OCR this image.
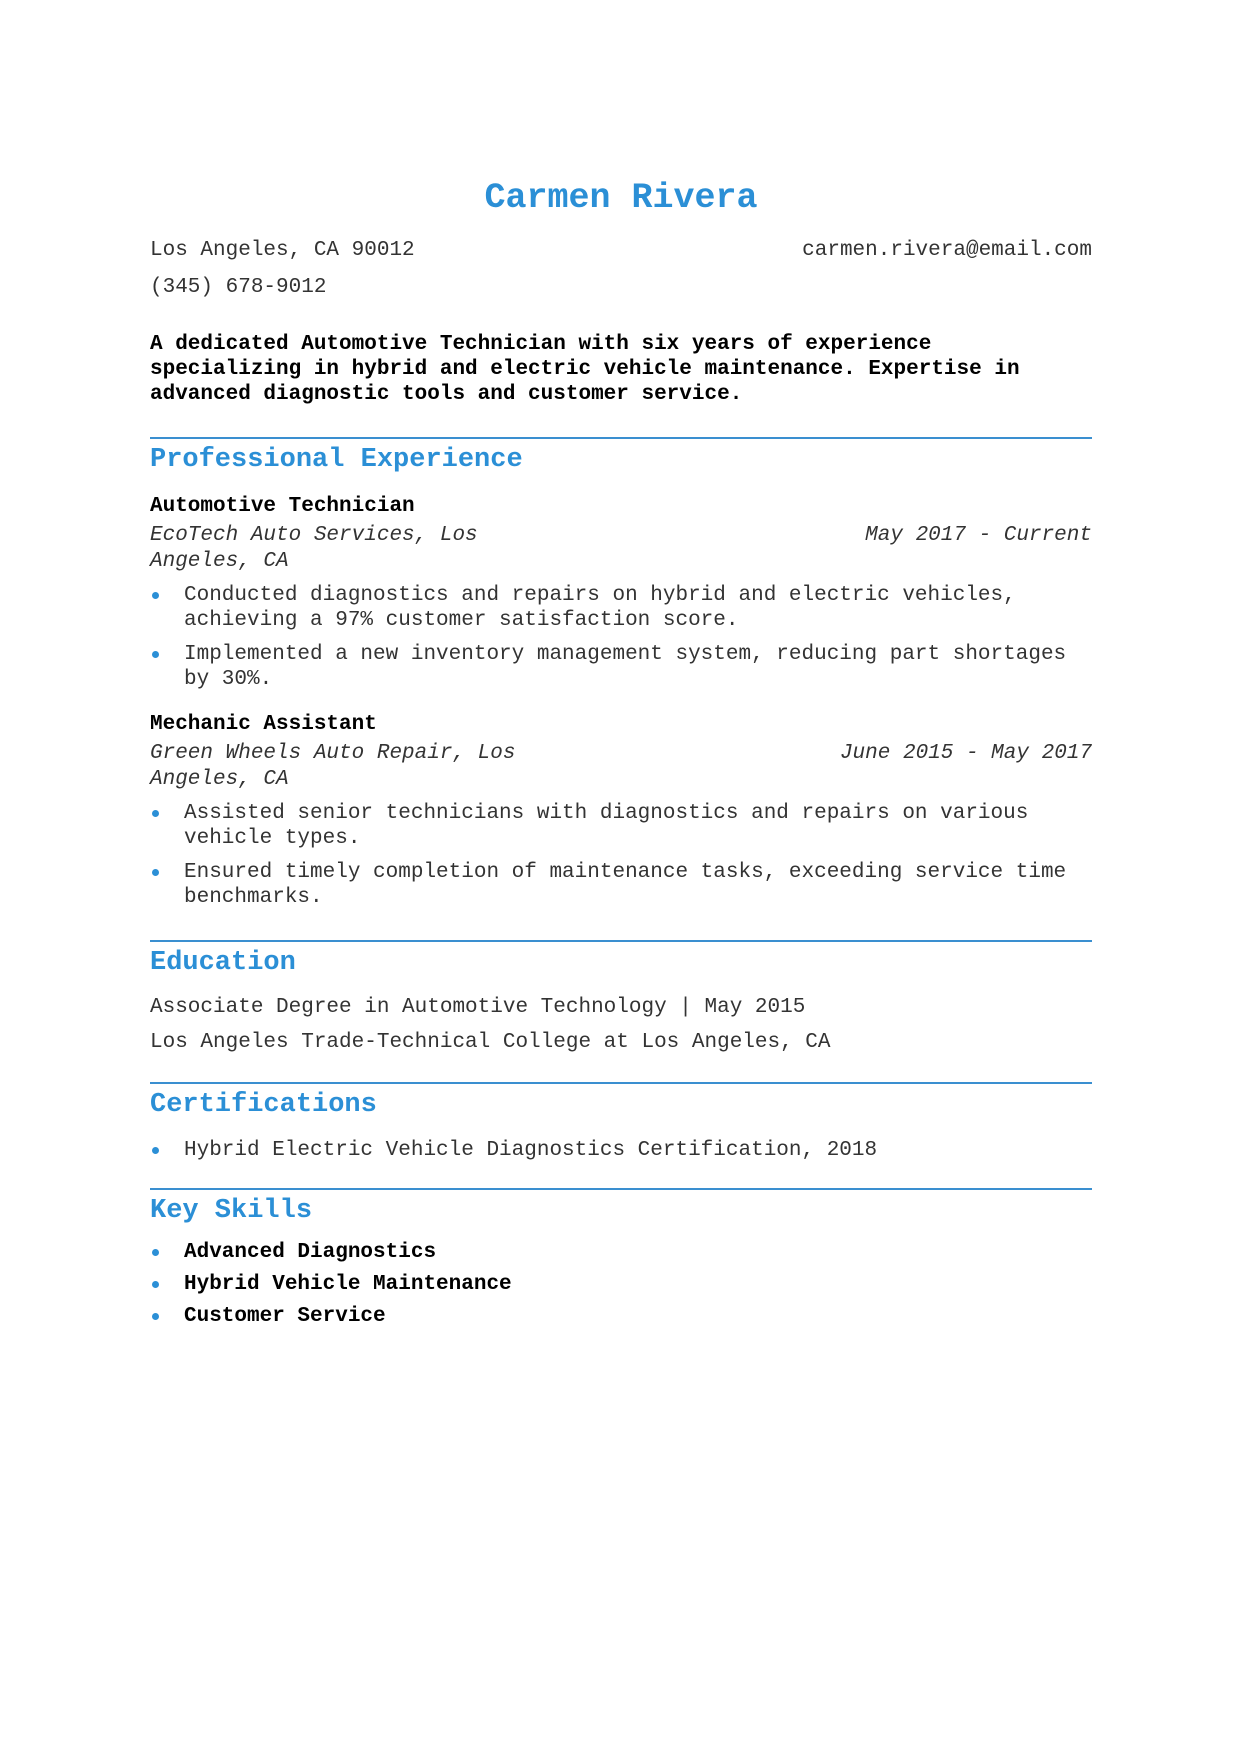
Carmen Rivera
Los Angeles, CA 90012	carmen.rivera@email.com
(345) 678-9012
A dedicated Automotive Technician with six years of experience specializing in hybrid and electric vehicle maintenance. Expertise in advanced diagnostic tools and customer service.
Professional Experience
Automotive Technician
EcoTech Auto Services, Los Angeles, CA
May 2017 - Current
Conducted diagnostics and repairs on hybrid and electric vehicles, achieving a 97% customer satisfaction score.
Implemented a new inventory management system, reducing part shortages by 30%.
Mechanic Assistant
Green Wheels Auto Repair, Los Angeles, CA
June 2015 - May 2017
Assisted senior technicians with diagnostics and repairs on various vehicle types.
Ensured timely completion of maintenance tasks, exceeding service time benchmarks.
Education
Associate Degree in Automotive Technology | May 2015
Los Angeles Trade-Technical College at Los Angeles, CA
Certifications
Hybrid Electric Vehicle Diagnostics Certification, 2018
Key Skills
Advanced Diagnostics
Hybrid Vehicle Maintenance
Customer Service
